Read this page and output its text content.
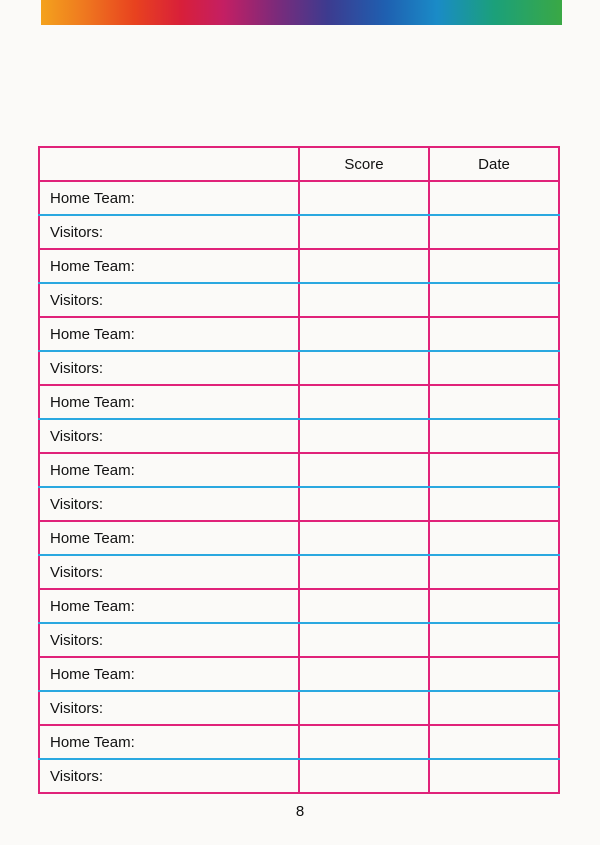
	Score	Date
Home Team:		
Visitors:		
Home Team:		
Visitors:		
Home Team:		
Visitors:		
Home Team:		
Visitors:		
Home Team:		
Visitors:		
Home Team:		
Visitors:		
Home Team:		
Visitors:		
Home Team:		
Visitors:		
Home Team:		
Visitors:		
8
